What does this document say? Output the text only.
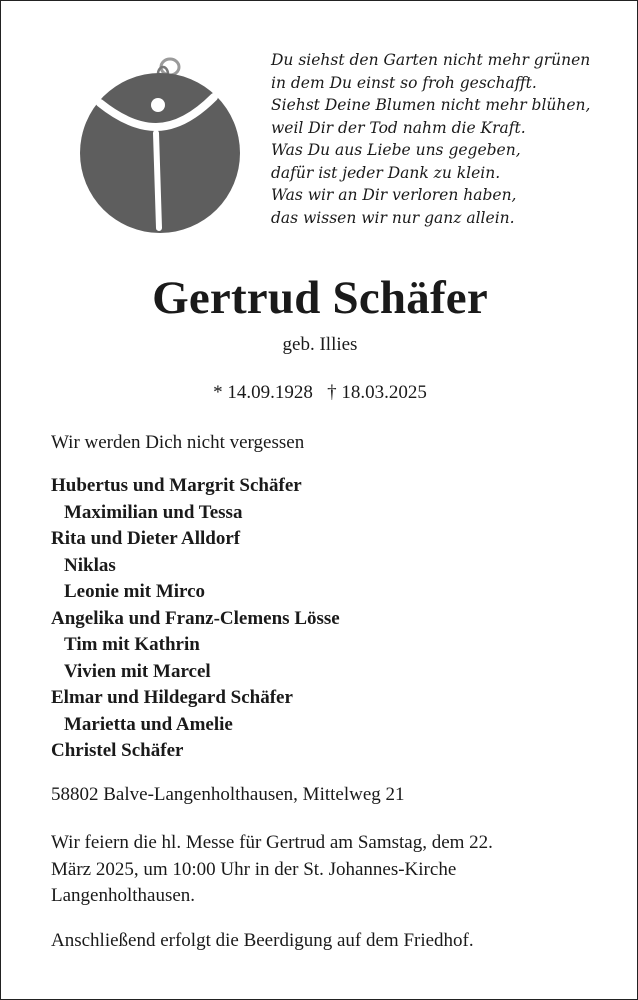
Du siehst den Garten nicht mehr grünen
in dem Du einst so froh geschafft.
Siehst Deine Blumen nicht mehr blühen,
weil Dir der Tod nahm die Kraft.
Was Du aus Liebe uns gegeben,
dafür ist jeder Dank zu klein.
Was wir an Dir verloren haben,
das wissen wir nur ganz allein.
Gertrud Schäfer
geb. Illies
* 14.09.1928 † 18.03.2025
Wir werden Dich nicht vergessen
Hubertus und Margrit Schäfer
Maximilian und Tessa
Rita und Dieter Alldorf
Niklas
Leonie mit Mirco
Angelika und Franz-Clemens Lösse
Tim mit Kathrin
Vivien mit Marcel
Elmar und Hildegard Schäfer
Marietta und Amelie
Christel Schäfer
58802 Balve-Langenholthausen, Mittelweg 21
Wir feiern die hl. Messe für Gertrud am Samstag, dem 22.
März 2025, um 10:00 Uhr in der St. Johannes-Kirche
Langenholthausen.
Anschließend erfolgt die Beerdigung auf dem Friedhof.
